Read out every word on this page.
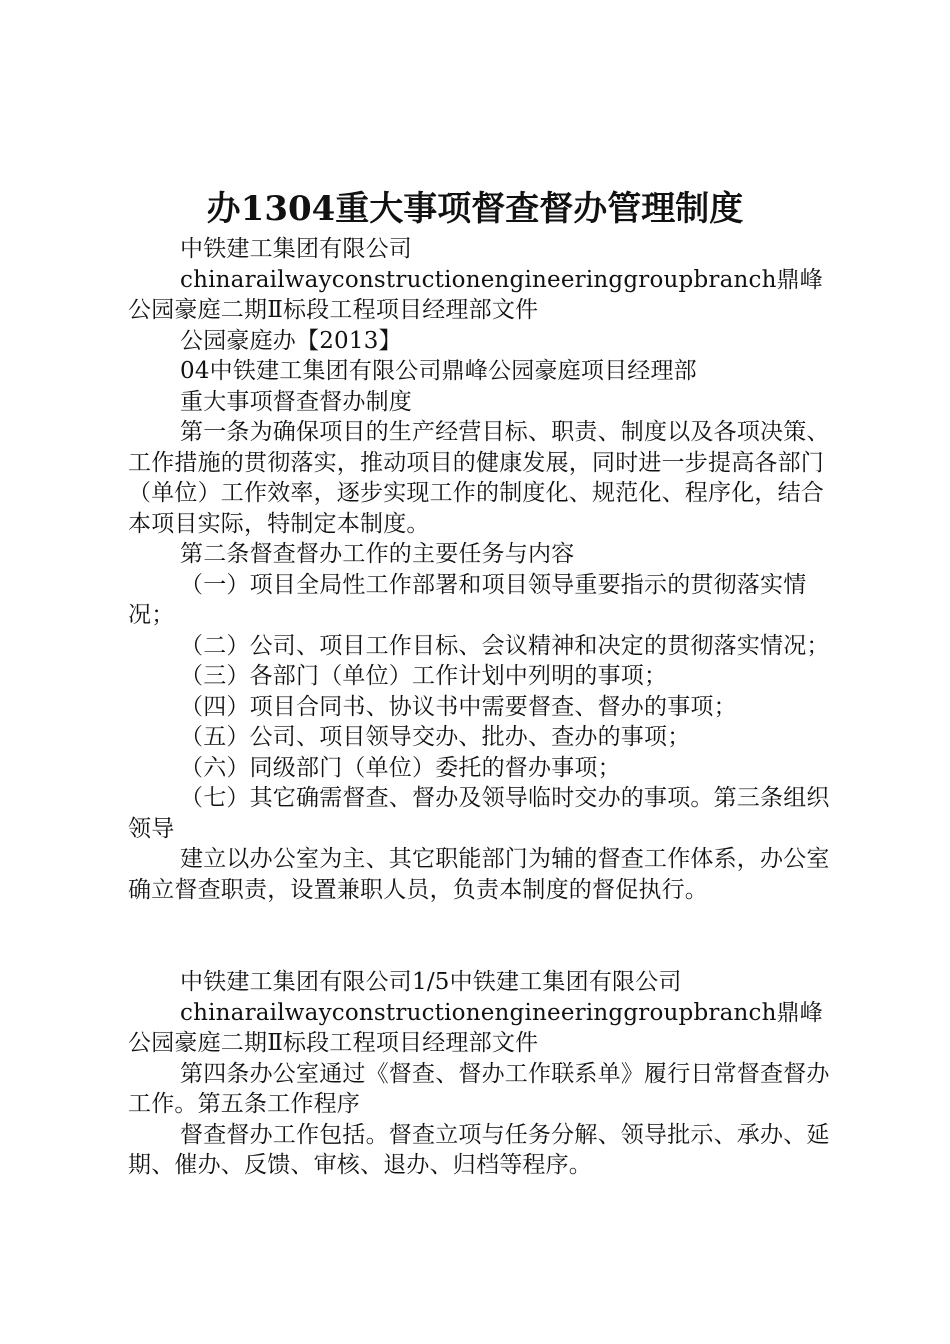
办1304重大事项督查督办管理制度

中铁建工集团有限公司

chinarailwayconstructionengineeringgroupbranch鼎峰公园豪庭二期Ⅱ标段工程项目经理部文件

公园豪庭办【2013】

04中铁建工集团有限公司鼎峰公园豪庭项目经理部

重大事项督查督办制度

第一条为确保项目的生产经营目标、职责、制度以及各项决策、工作措施的贯彻落实，推动项目的健康发展，同时进一步提高各部门（单位）工作效率，逐步实现工作的制度化、规范化、程序化，结合本项目实际，特制定本制度。

第二条督查督办工作的主要任务与内容

（一）项目全局性工作部署和项目领导重要指示的贯彻落实情况；

（二）公司、项目工作目标、会议精神和决定的贯彻落实情况；

（三）各部门（单位）工作计划中列明的事项；

（四）项目合同书、协议书中需要督查、督办的事项；

（五）公司、项目领导交办、批办、查办的事项；

（六）同级部门（单位）委托的督办事项；

（七）其它确需督查、督办及领导临时交办的事项。第三条组织领导

建立以办公室为主、其它职能部门为辅的督查工作体系，办公室确立督查职责，设置兼职人员，负责本制度的督促执行。

中铁建工集团有限公司1/5中铁建工集团有限公司

chinarailwayconstructionengineeringgroupbranch鼎峰公园豪庭二期Ⅱ标段工程项目经理部文件

第四条办公室通过《督查、督办工作联系单》履行日常督查督办工作。第五条工作程序

督查督办工作包括。督查立项与任务分解、领导批示、承办、延期、催办、反馈、审核、退办、归档等程序。
